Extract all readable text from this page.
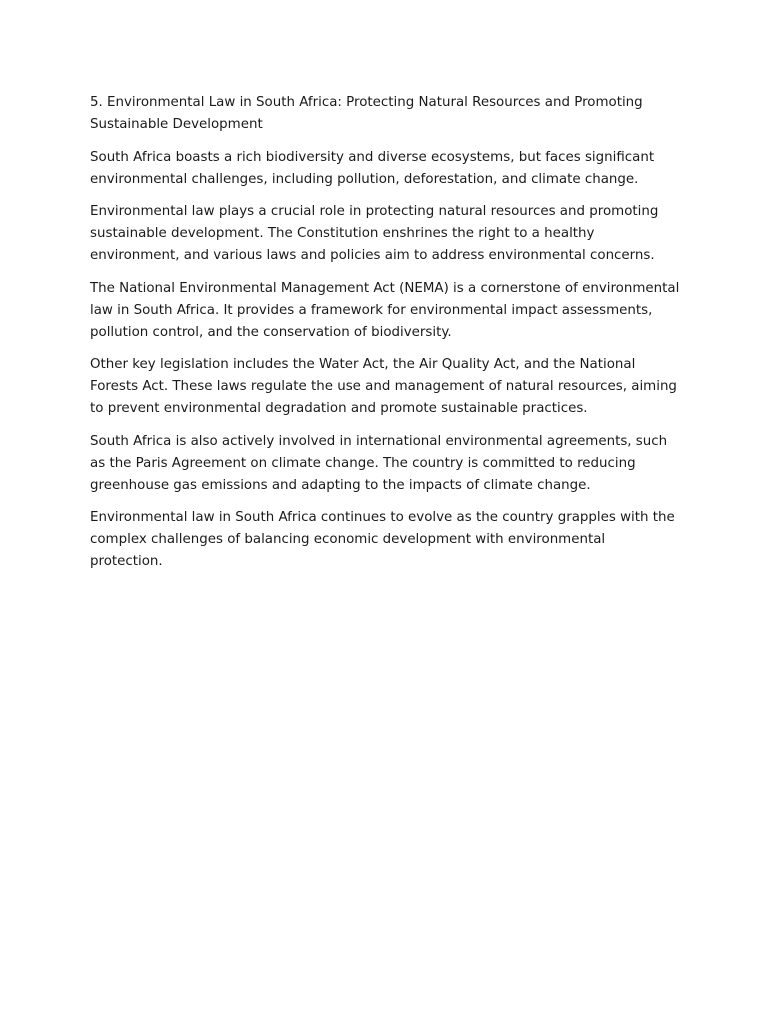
5. Environmental Law in South Africa: Protecting Natural Resources and Promoting Sustainable Development

South Africa boasts a rich biodiversity and diverse ecosystems, but faces significant environmental challenges, including pollution, deforestation, and climate change.

Environmental law plays a crucial role in protecting natural resources and promoting sustainable development. The Constitution enshrines the right to a healthy environment, and various laws and policies aim to address environmental concerns.

The National Environmental Management Act (NEMA) is a cornerstone of environmental law in South Africa. It provides a framework for environmental impact assessments, pollution control, and the conservation of biodiversity.

Other key legislation includes the Water Act, the Air Quality Act, and the National Forests Act. These laws regulate the use and management of natural resources, aiming to prevent environmental degradation and promote sustainable practices.

South Africa is also actively involved in international environmental agreements, such as the Paris Agreement on climate change. The country is committed to reducing greenhouse gas emissions and adapting to the impacts of climate change.

Environmental law in South Africa continues to evolve as the country grapples with the complex challenges of balancing economic development with environmental protection.
